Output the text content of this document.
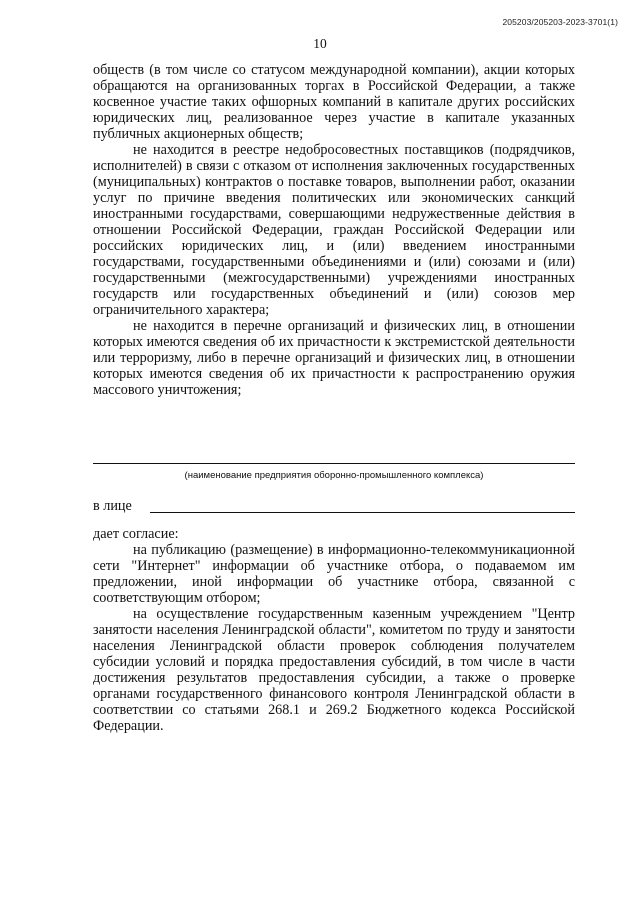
205203/205203-2023-3701(1)
10

обществ (в том числе со статусом международной компании), акции которых обращаются на организованных торгах в Российской Федерации, а также косвенное участие таких офшорных компаний в капитале других российских юридических лиц, реализованное через участие в капитале указанных публичных акционерных обществ;

не находится в реестре недобросовестных поставщиков (подрядчиков, исполнителей) в связи с отказом от исполнения заключенных государственных (муниципальных) контрактов о поставке товаров, выполнении работ, оказании услуг по причине введения политических или экономических санкций иностранными государствами, совершающими недружественные действия в отношении Российской Федерации, граждан Российской Федерации или российских юридических лиц, и (или) введением иностранными государствами, государственными объединениями и (или) союзами и (или) государственными (межгосударственными) учреждениями иностранных государств или государственных объединений и (или) союзов мер ограничительного характера;

не находится в перечне организаций и физических лиц, в отношении которых имеются сведения об их причастности к экстремистской деятельности или терроризму, либо в перечне организаций и физических лиц, в отношении которых имеются сведения об их причастности к распространению оружия массового уничтожения;

(наименование предприятия оборонно-промышленного комплекса)
в лице

дает согласие:

на публикацию (размещение) в информационно-телекоммуникационной сети "Интернет" информации об участнике отбора, о подаваемом им предложении, иной информации об участнике отбора, связанной с соответствующим отбором;

на осуществление государственным казенным учреждением "Центр занятости населения Ленинградской области", комитетом по труду и занятости населения Ленинградской области проверок соблюдения получателем субсидии условий и порядка предоставления субсидий, в том числе в части достижения результатов предоставления субсидии, а также о проверке органами государственного финансового контроля Ленинградской области в соответствии со статьями 268.1 и 269.2 Бюджетного кодекса Российской Федерации.
